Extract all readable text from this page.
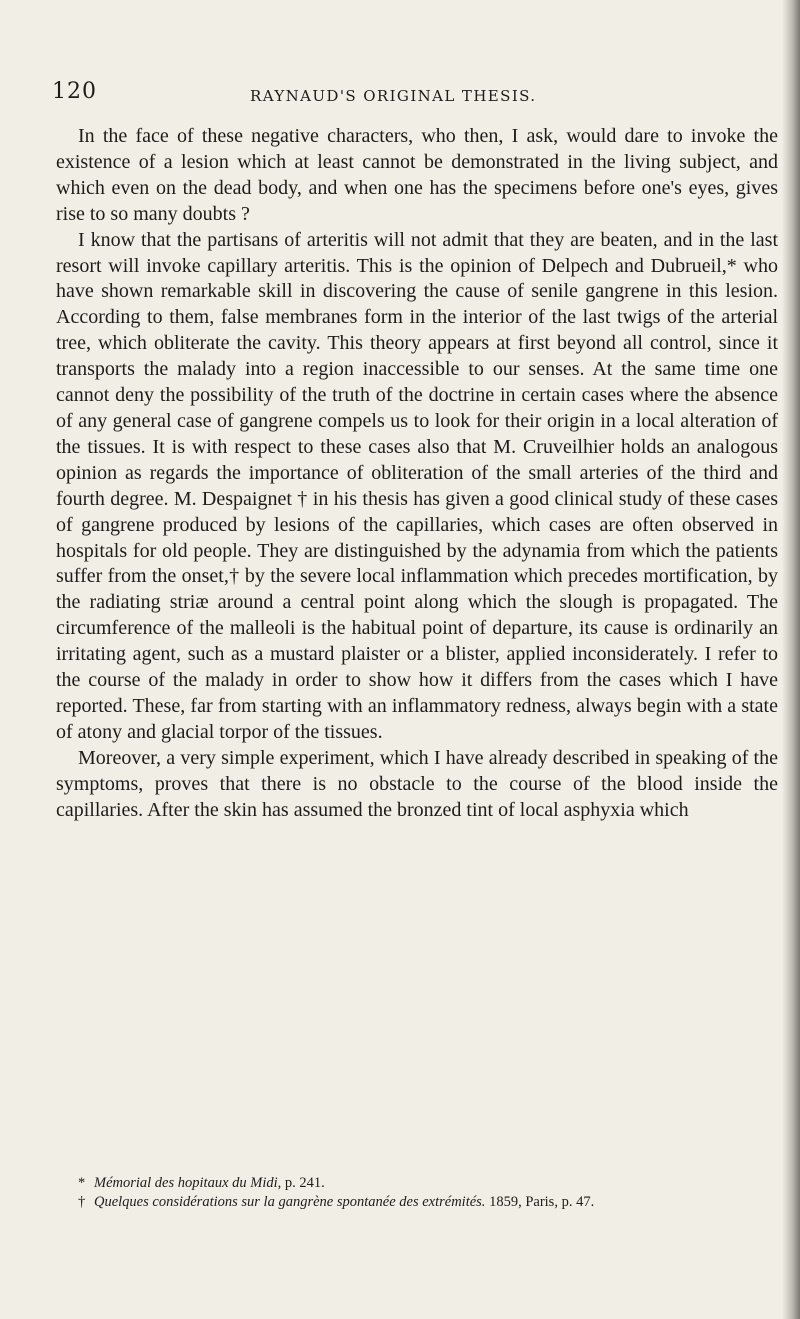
120	RAYNAUD'S ORIGINAL THESIS.

In the face of these negative characters, who then, I ask, would dare to invoke the existence of a lesion which at least cannot be demonstrated in the living subject, and which even on the dead body, and when one has the specimens before one's eyes, gives rise to so many doubts ?

I know that the partisans of arteritis will not admit that they are beaten, and in the last resort will invoke capillary arteritis. This is the opinion of Delpech and Dubrueil,* who have shown remarkable skill in discovering the cause of senile gangrene in this lesion. According to them, false membranes form in the interior of the last twigs of the arterial tree, which obliterate the cavity. This theory appears at first beyond all control, since it transports the malady into a region inaccessible to our senses. At the same time one cannot deny the possibility of the truth of the doctrine in certain cases where the absence of any general case of gangrene compels us to look for their origin in a local alteration of the tissues. It is with respect to these cases also that M. Cruveilhier holds an analogous opinion as regards the importance of obliteration of the small arteries of the third and fourth degree. M. Despaignet † in his thesis has given a good clinical study of these cases of gangrene produced by lesions of the capillaries, which cases are often observed in hospitals for old people. They are distinguished by the adynamia from which the patients suffer from the onset,† by the severe local inflammation which precedes mortification, by the radiating striæ around a central point along which the slough is propagated. The circumference of the malleoli is the habitual point of departure, its cause is ordinarily an irritating agent, such as a mustard plaister or a blister, applied inconsiderately. I refer to the course of the malady in order to show how it differs from the cases which I have reported. These, far from starting with an inflammatory redness, always begin with a state of atony and glacial torpor of the tissues.

Moreover, a very simple experiment, which I have already described in speaking of the symptoms, proves that there is no obstacle to the course of the blood inside the capillaries. After the skin has assumed the bronzed tint of local asphyxia which

* Mémorial des hopitaux du Midi, p. 241.

† Quelques considérations sur la gangrène spontanée des extrémités. 1859, Paris, p. 47.
